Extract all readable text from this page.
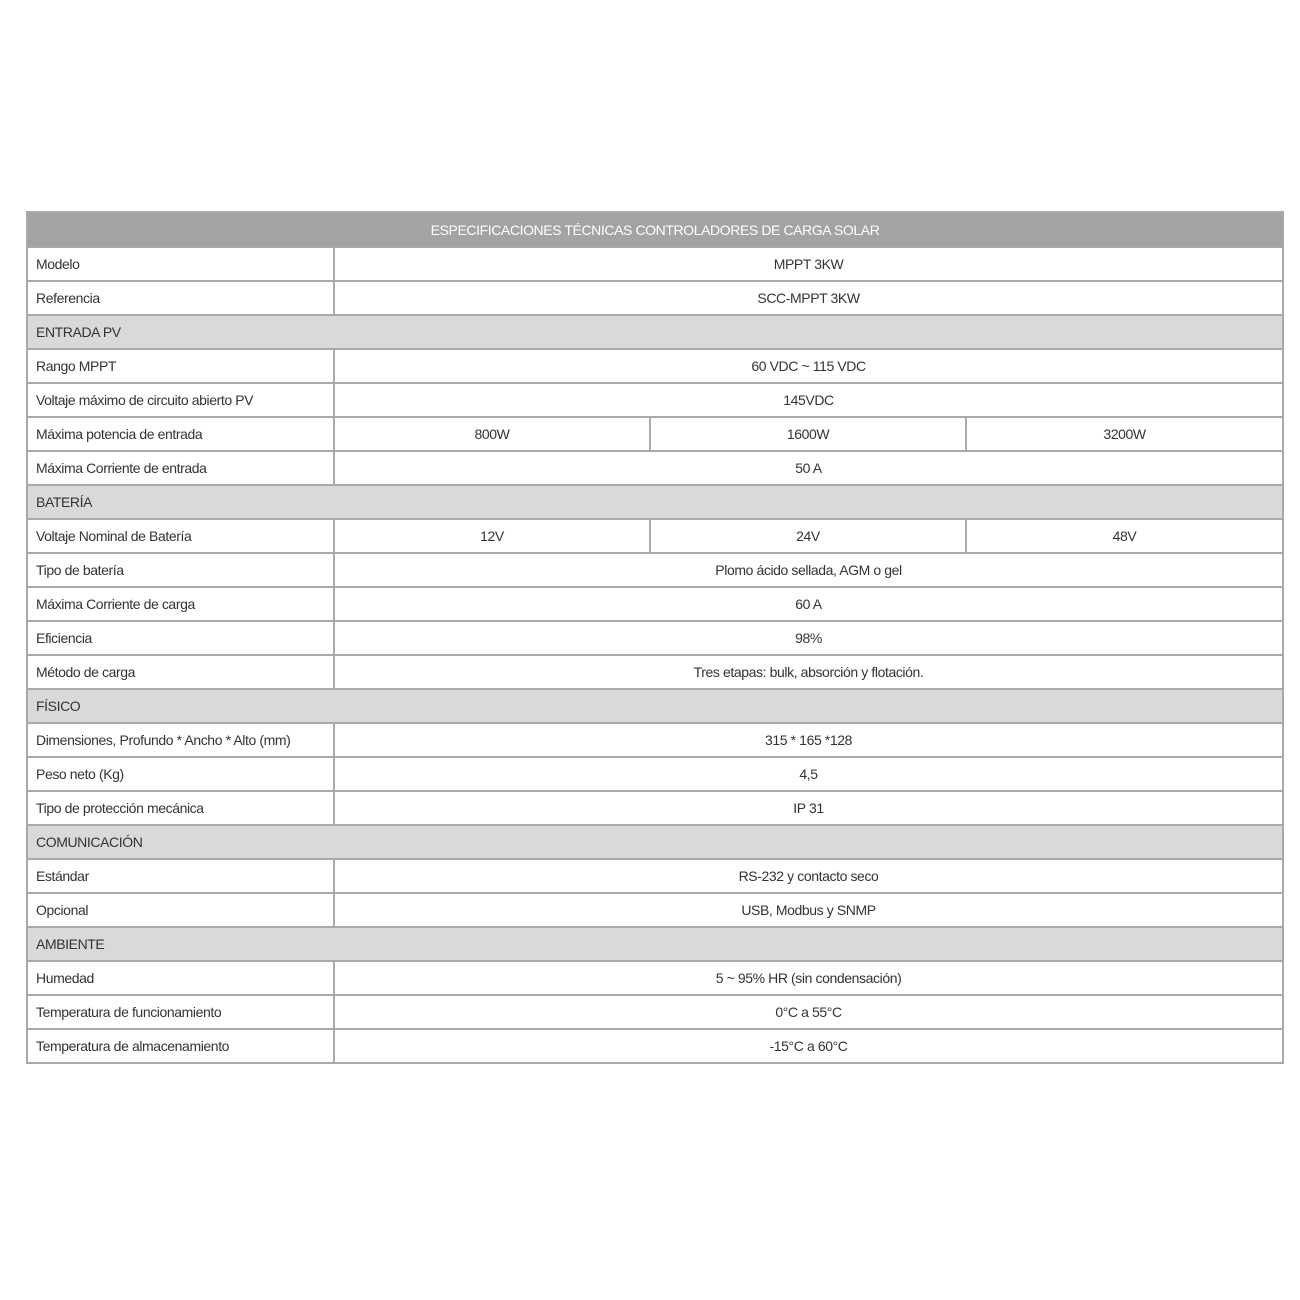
ESPECIFICACIONES TÉCNICAS CONTROLADORES DE CARGA SOLAR			
Modelo	MPPT 3KW		
Referencia	SCC-MPPT 3KW		
ENTRADA PV			
Rango MPPT	60 VDC ~ 115 VDC		
Voltaje máximo de circuito abierto PV	145VDC		
Máxima potencia de entrada	800W	1600W	3200W
Máxima Corriente de entrada	50 A		
BATERÍA			
Voltaje Nominal de Batería	12V	24V	48V
Tipo de batería	Plomo ácido sellada, AGM o gel		
Máxima Corriente de carga	60 A		
Eficiencia	98%		
Método de carga	Tres etapas: bulk, absorción y flotación.		
FÍSICO			
Dimensiones, Profundo * Ancho * Alto (mm)	315 * 165 *128		
Peso neto (Kg)	4,5		
Tipo de protección mecánica	IP 31		
COMUNICACIÓN			
Estándar	RS-232 y contacto seco		
Opcional	USB, Modbus y SNMP		
AMBIENTE			
Humedad	5 ~ 95% HR (sin condensación)		
Temperatura de funcionamiento	0°C a 55°C		
Temperatura de almacenamiento	-15°C a 60°C		
